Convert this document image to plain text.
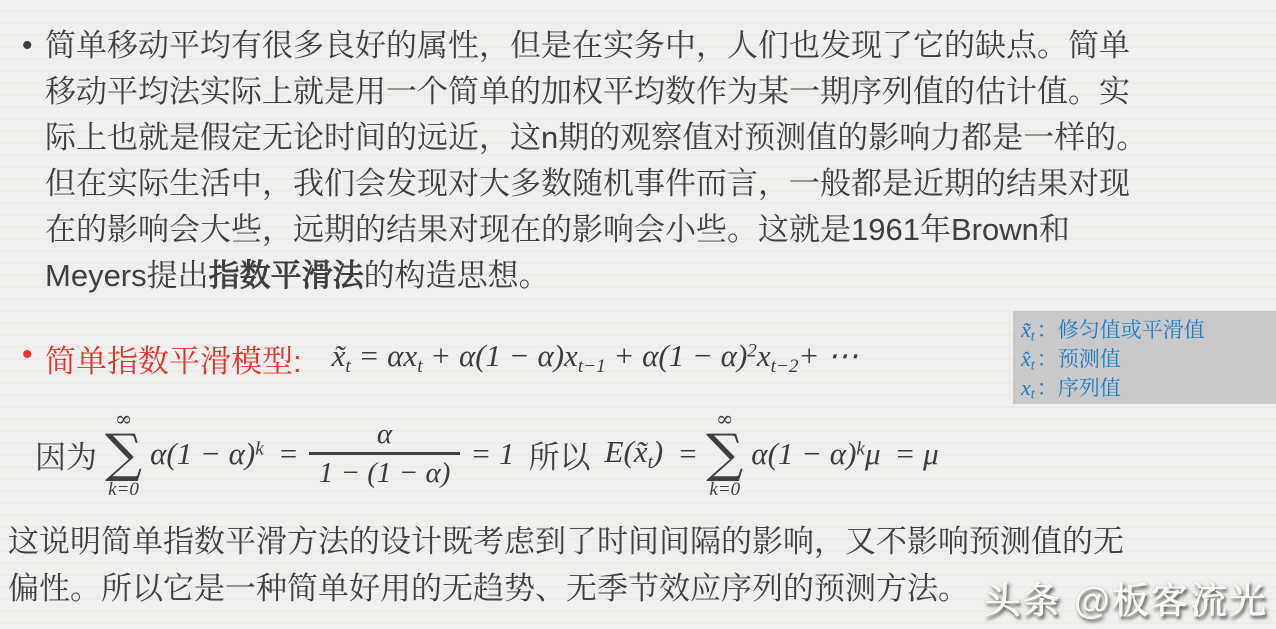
• 简单移动平均有很多良好的属性，但是在实务中，人们也发现了它的缺点。简单
移动平均法实际上就是用一个简单的加权平均数作为某一期序列值的估计值。实
际上也就是假定无论时间的远近，这n期的观察值对预测值的影响力都是一样的。
但在实际生活中，我们会发现对大多数随机事件而言，一般都是近期的结果对现
在的影响会大些，远期的结果对现在的影响会小些。这就是1961年Brown和
Meyers提出指数平滑法的构造思想。
• 简单指数平滑模型: $x̃_t = \alpha x_t + \alpha(1 - \alpha)x_{t-1} + \alpha(1 - \alpha)^2x_{t-2}+$ ⋯
$x̃_t$ ： 修匀值或平滑值
$x̂_t$ ： 预测值
$x_t$ ： 序列值
因为
∞
∑
k=0
$\alpha(1 - \alpha)^k = \frac{\alpha}{1 - (1 - \alpha)} = 1$ 所以 $E(x̃_t)$ =
∞
∑
k=0
$\alpha(1 - \alpha)^k\mu = \mu$
这说明简单指数平滑方法的设计既考虑到了时间间隔的影响，又不影响预测值的无
偏性。所以它是一种简单好用的无趋势、无季节效应序列的预测方法。 头条 @板客流光
